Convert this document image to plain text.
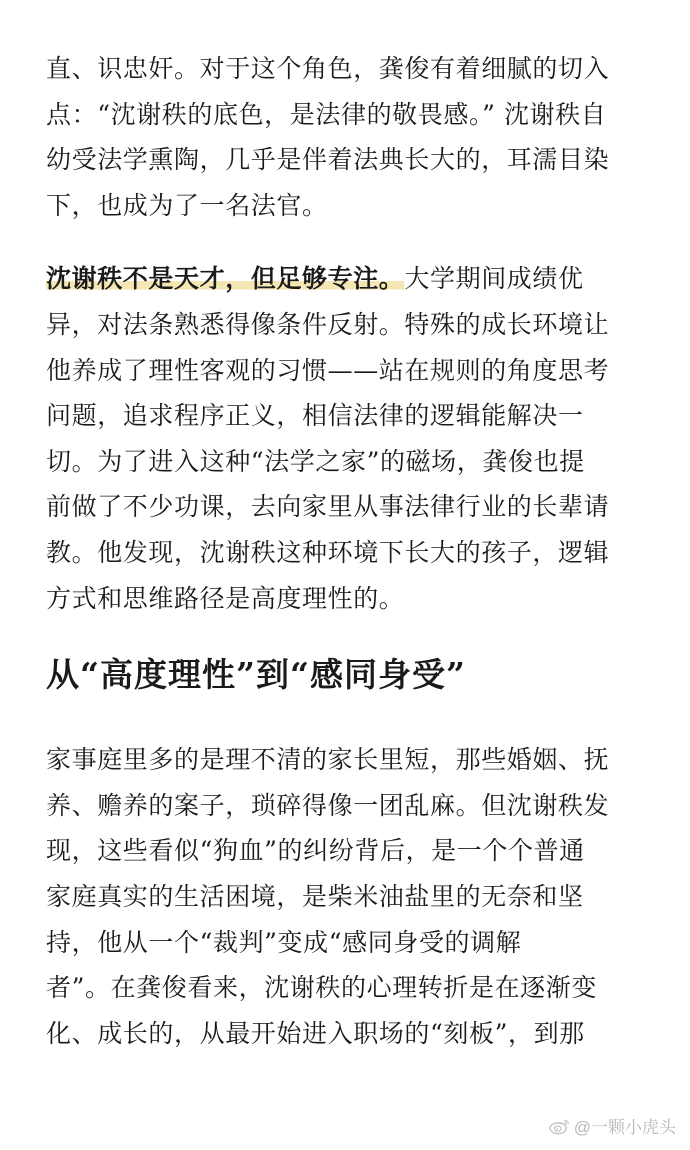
直、识忠奸。对于这个角色，龚俊有着细腻的切入
点：“沈谢秩的底色，是法律的敬畏感。” 沈谢秩自
幼受法学熏陶，几乎是伴着法典长大的，耳濡目染
下，也成为了一名法官。

沈谢秩不是天才，但足够专注。大学期间成绩优
异，对法条熟悉得像条件反射。特殊的成长环境让
他养成了理性客观的习惯——站在规则的角度思考
问题，追求程序正义，相信法律的逻辑能解决一
切。为了进入这种“法学之家”的磁场，龚俊也提
前做了不少功课，去向家里从事法律行业的长辈请
教。他发现，沈谢秩这种环境下长大的孩子，逻辑
方式和思维路径是高度理性的。

从“高度理性”到“感同身受”

家事庭里多的是理不清的家长里短，那些婚姻、抚
养、赡养的案子，琐碎得像一团乱麻。但沈谢秩发
现，这些看似“狗血”的纠纷背后，是一个个普通
家庭真实的生活困境，是柴米油盐里的无奈和坚
持，他从一个“裁判”变成“感同身受的调解
者”。在龚俊看来，沈谢秩的心理转折是在逐渐变
化、成长的，从最开始进入职场的“刻板”，到那

@一颗小虎头
